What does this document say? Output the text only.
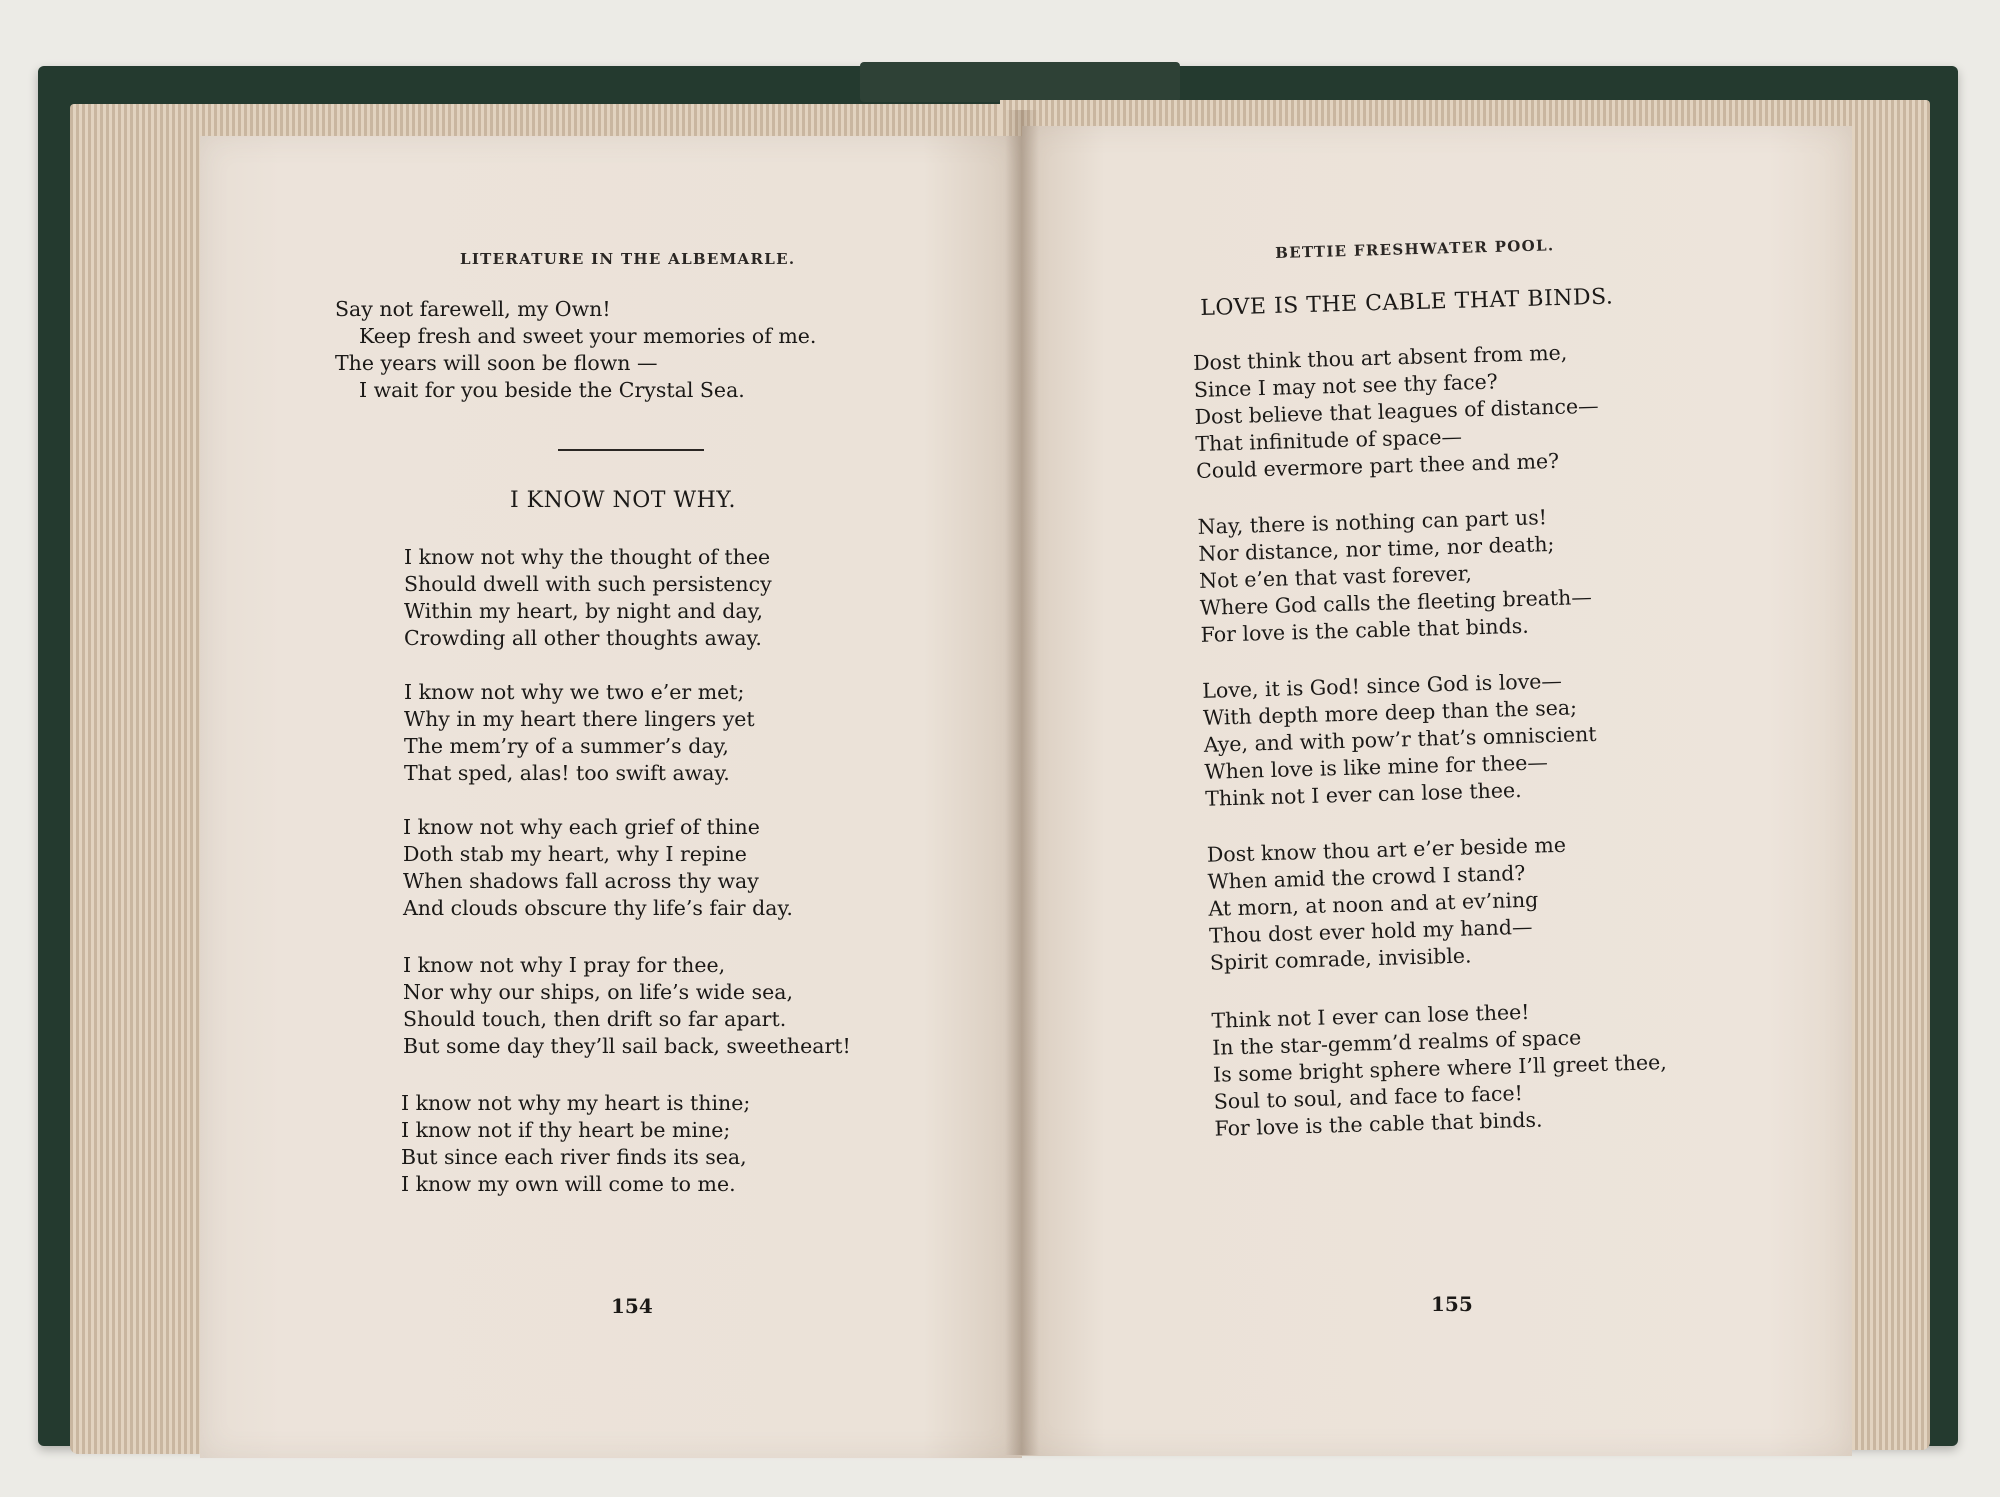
LITERATURE IN THE ALBEMARLE.
Say not farewell, my Own!
Keep fresh and sweet your memories of me.
The years will soon be flown —
I wait for you beside the Crystal Sea.
I KNOW NOT WHY.
I know not why the thought of thee
Should dwell with such persistency
Within my heart, by night and day,
Crowding all other thoughts away.
I know not why we two e’er met;
Why in my heart there lingers yet
The mem’ry of a summer’s day,
That sped, alas! too swift away.
I know not why each grief of thine
Doth stab my heart, why I repine
When shadows fall across thy way
And clouds obscure thy life’s fair day.
I know not why I pray for thee,
Nor why our ships, on life’s wide sea,
Should touch, then drift so far apart.
But some day they’ll sail back, sweetheart!
I know not why my heart is thine;
I know not if thy heart be mine;
But since each river finds its sea,
I know my own will come to me.
154
BETTIE FRESHWATER POOL.
LOVE IS THE CABLE THAT BINDS.
Dost think thou art absent from me,
Since I may not see thy face?
Dost believe that leagues of distance—
That infinitude of space—
Could evermore part thee and me?
Nay, there is nothing can part us!
Nor distance, nor time, nor death;
Not e’en that vast forever,
Where God calls the fleeting breath—
For love is the cable that binds.
Love, it is God! since God is love—
With depth more deep than the sea;
Aye, and with pow’r that’s omniscient
When love is like mine for thee—
Think not I ever can lose thee.
Dost know thou art e’er beside me
When amid the crowd I stand?
At morn, at noon and at ev’ning
Thou dost ever hold my hand—
Spirit comrade, invisible.
Think not I ever can lose thee!
In the star-gemm’d realms of space
Is some bright sphere where I’ll greet thee,
Soul to soul, and face to face!
For love is the cable that binds.
155
